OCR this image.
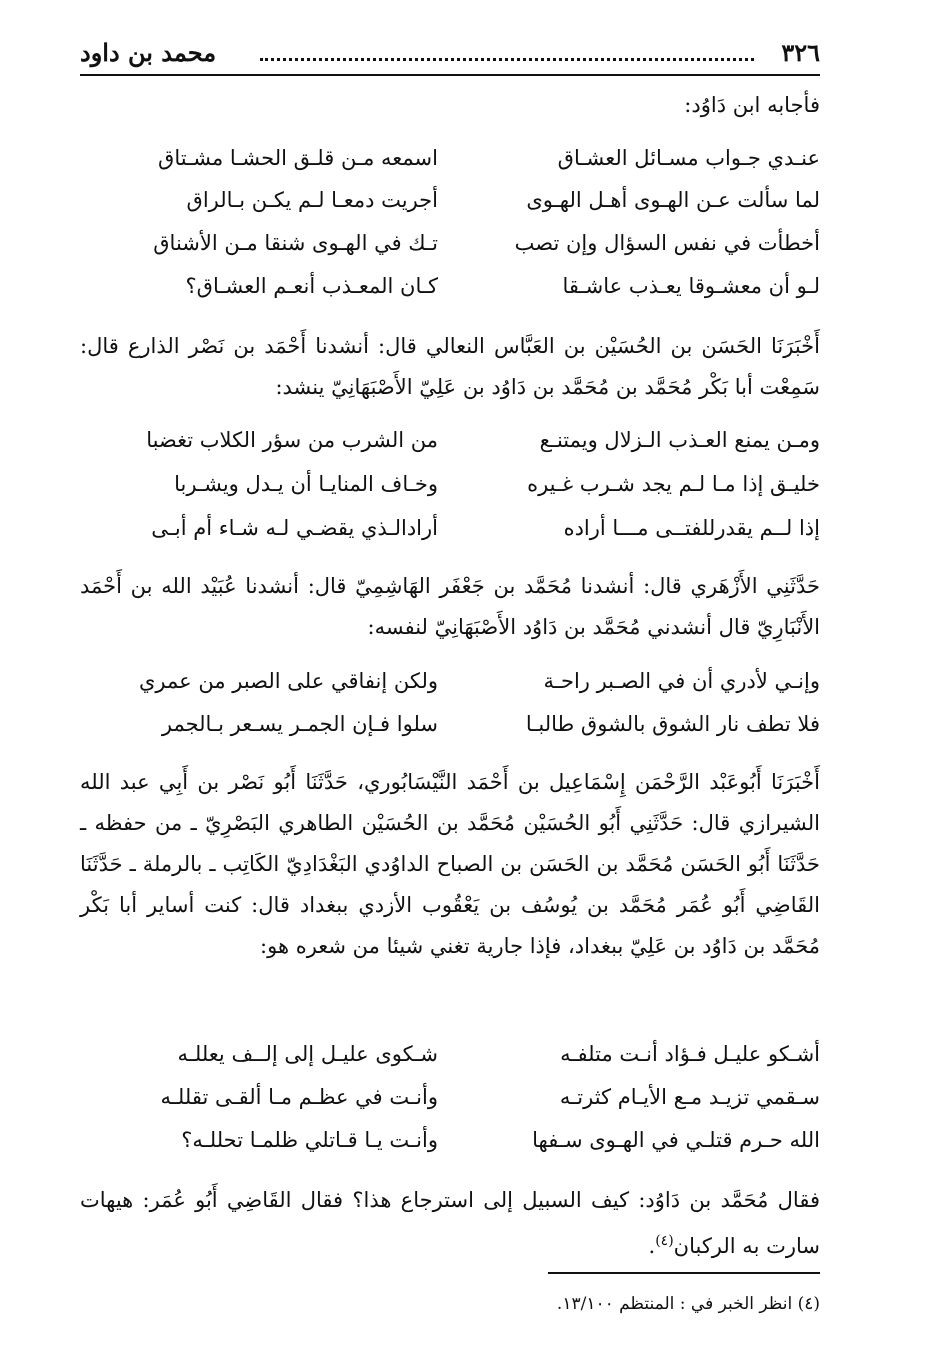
٣٢٦
محمد بن داود
فأجابه ابن دَاوُد:
عنـدي جـواب مسـائل العشـاق
اسمعه مـن قلـق الحشـا مشـتاق
لما سألت عـن الهـوى أهـل الهـوى
أجريت دمعـا لـم يكـن بـالراق
أخطأت في نفس السؤال وإن تصب
تـك في الهـوى شنقا مـن الأشناق
لـو أن معشـوقا يعـذب عاشـقا
كـان المعـذب أنعـم العشـاق؟
أَخْبَرَنَا الحَسَن بن الحُسَيْن بن العَبَّاس النعالي قال: أنشدنا أَحْمَد بن نَصْر الذارع قال: سَمِعْت أبا بَكْر مُحَمَّد بن مُحَمَّد بن دَاوُد بن عَلِيّ الأَصْبَهَانِيّ ينشد:
ومـن يمنع العـذب الـزلال ويمتنـع
من الشرب من سؤر الكلاب تغضبا
خليـق إذا مـا لـم يجد شـرب غـيره
وخـاف المنايـا أن يـدل ويشـربا
إذا لــم يقدرللفتــى مـــا أراده
أرادالـذي يقضـي لـه شـاء أم أبـى
حَدَّثَنِي الأَزْهَري قال: أنشدنا مُحَمَّد بن جَعْفَر الهَاشِمِيّ قال: أنشدنا عُبَيْد الله بن أَحْمَد الأَنْبَارِيّ قال أنشدني مُحَمَّد بن دَاوُد الأَصْبَهَانِيّ لنفسه:
وإنـي لأدري أن في الصـبر راحـة
ولكن إنفاقي على الصبر من عمري
فلا تطف نار الشوق بالشوق طالبـا
سلوا فـإن الجمـر يسـعر بـالجمر
أَخْبَرَنَا أَبُوعَبْد الرَّحْمَن إِسْمَاعِيل بن أَحْمَد النَّيْسَابُوري، حَدَّثَنَا أَبُو نَصْر بن أَبِي عبد الله الشيرازي قال: حَدَّثَنِي أَبُو الحُسَيْن مُحَمَّد بن الحُسَيْن الطاهري البَصْرِيّ ـ من حفظه ـ حَدَّثَنَا أَبُو الحَسَن مُحَمَّد بن الحَسَن بن الصباح الداوُدي البَغْدَادِيّ الكَاتِب ـ بالرملة ـ حَدَّثَنَا القَاضِي أَبُو عُمَر مُحَمَّد بن يُوسُف بن يَعْقُوب الأزدي ببغداد قال: كنت أساير أبا بَكْر مُحَمَّد بن دَاوُد بن عَلِيّ ببغداد، فإذا جارية تغني شيئا من شعره هو:
أشـكو عليـل فـؤاد أنـت متلفـه
شـكوى عليـل إلى إلــف يعللـه
سـقمي تزيـد مـع الأيـام كثرتـه
وأنـت في عظـم مـا ألقـى تقللـه
الله حـرم قتلـي في الهـوى سـفها
وأنـت يـا قـاتلي ظلمـا تحللـه؟
فقال مُحَمَّد بن دَاوُد: كيف السبيل إلى استرجاع هذا؟ فقال القَاضِي أَبُو عُمَر: هيهات سارت به الركبان$^{(٤)}$.
(٤) انظر الخبر في : المنتظم ١٣/١٠٠.
